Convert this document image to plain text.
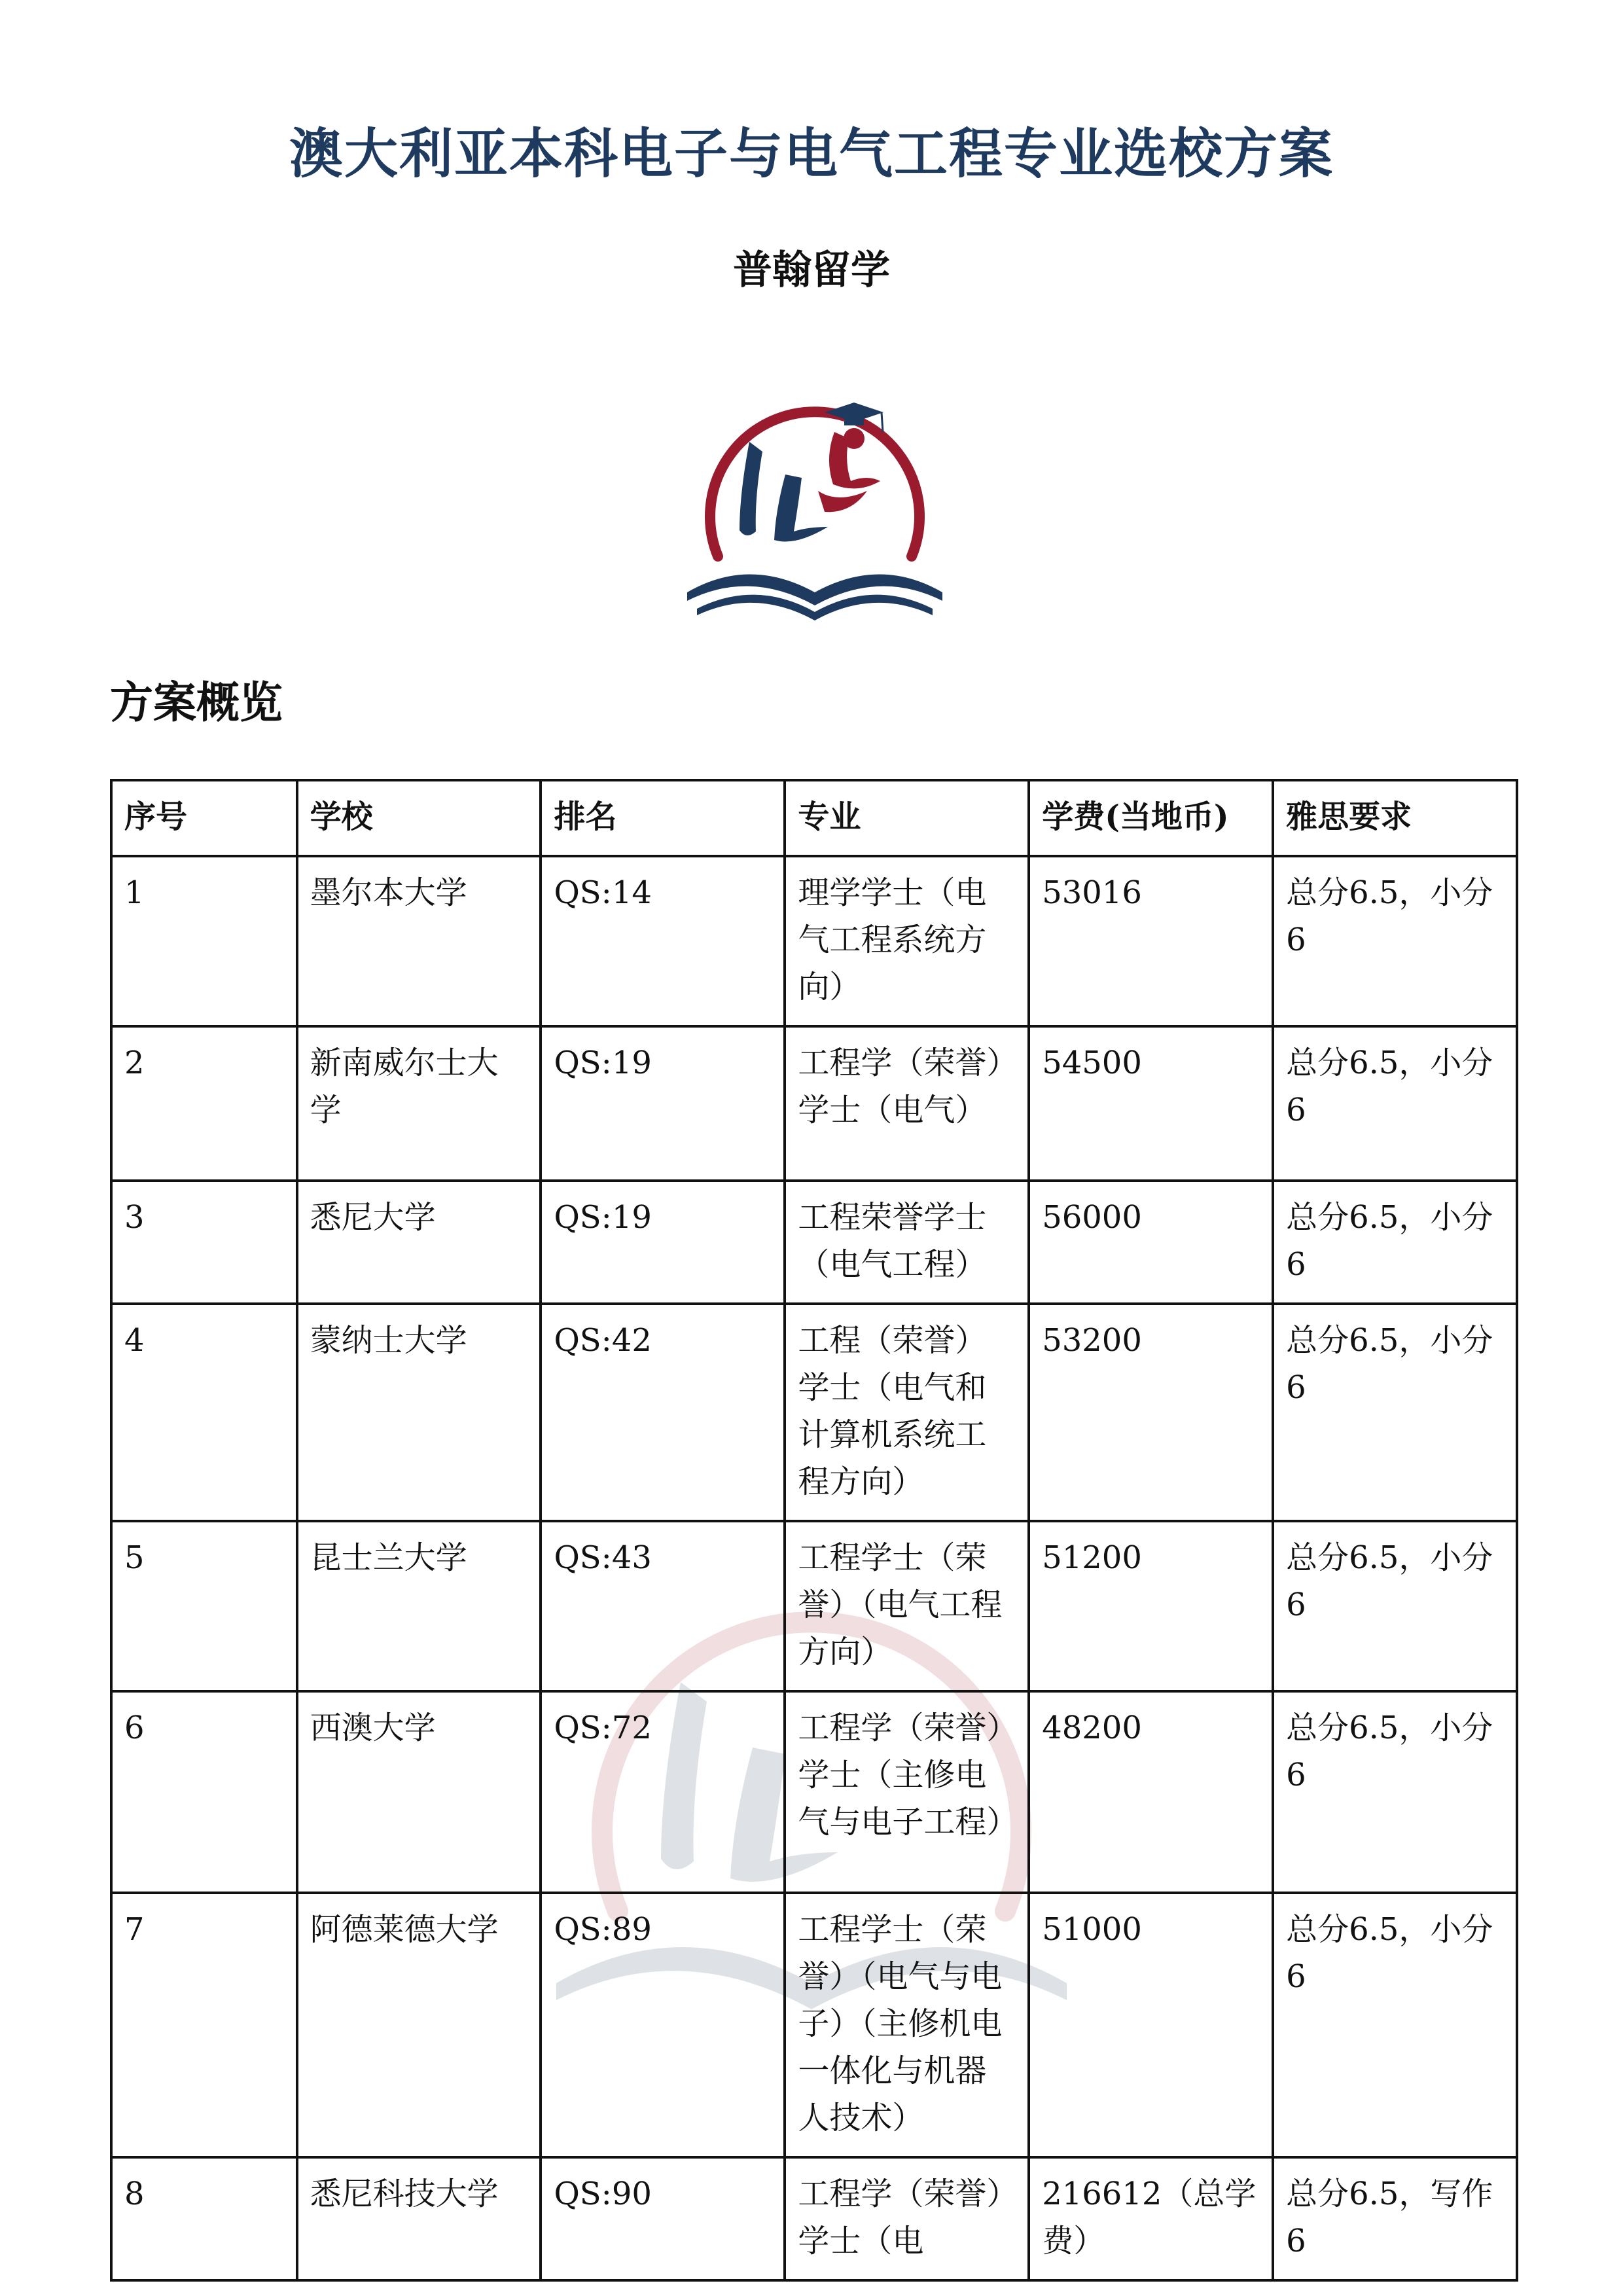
澳大利亚本科电子与电气工程专业选校方案
普翰留学
方案概览
序号	学校	排名	专业	学费(当地币)	雅思要求
1	墨尔本大学	QS:14	理学学士（电气工程系统方向）	53016	总分6.5，小分6
2	新南威尔士大学	QS:19	工程学（荣誉）学士（电气）	54500	总分6.5，小分6
3	悉尼大学	QS:19	工程荣誉学士（电气工程）	56000	总分6.5，小分6
4	蒙纳士大学	QS:42	工程（荣誉）学士（电气和计算机系统工程方向）	53200	总分6.5，小分6
5	昆士兰大学	QS:43	工程学士（荣誉）（电气工程方向）	51200	总分6.5，小分6
6	西澳大学	QS:72	工程学（荣誉）学士（主修电气与电子工程）	48200	总分6.5，小分6
7	阿德莱德大学	QS:89	工程学士（荣誉）（电气与电子）（主修机电一体化与机器人技术）	51000	总分6.5，小分6
8	悉尼科技大学	QS:90	工程学（荣誉）学士（电	216612（总学费）	总分6.5，写作6
